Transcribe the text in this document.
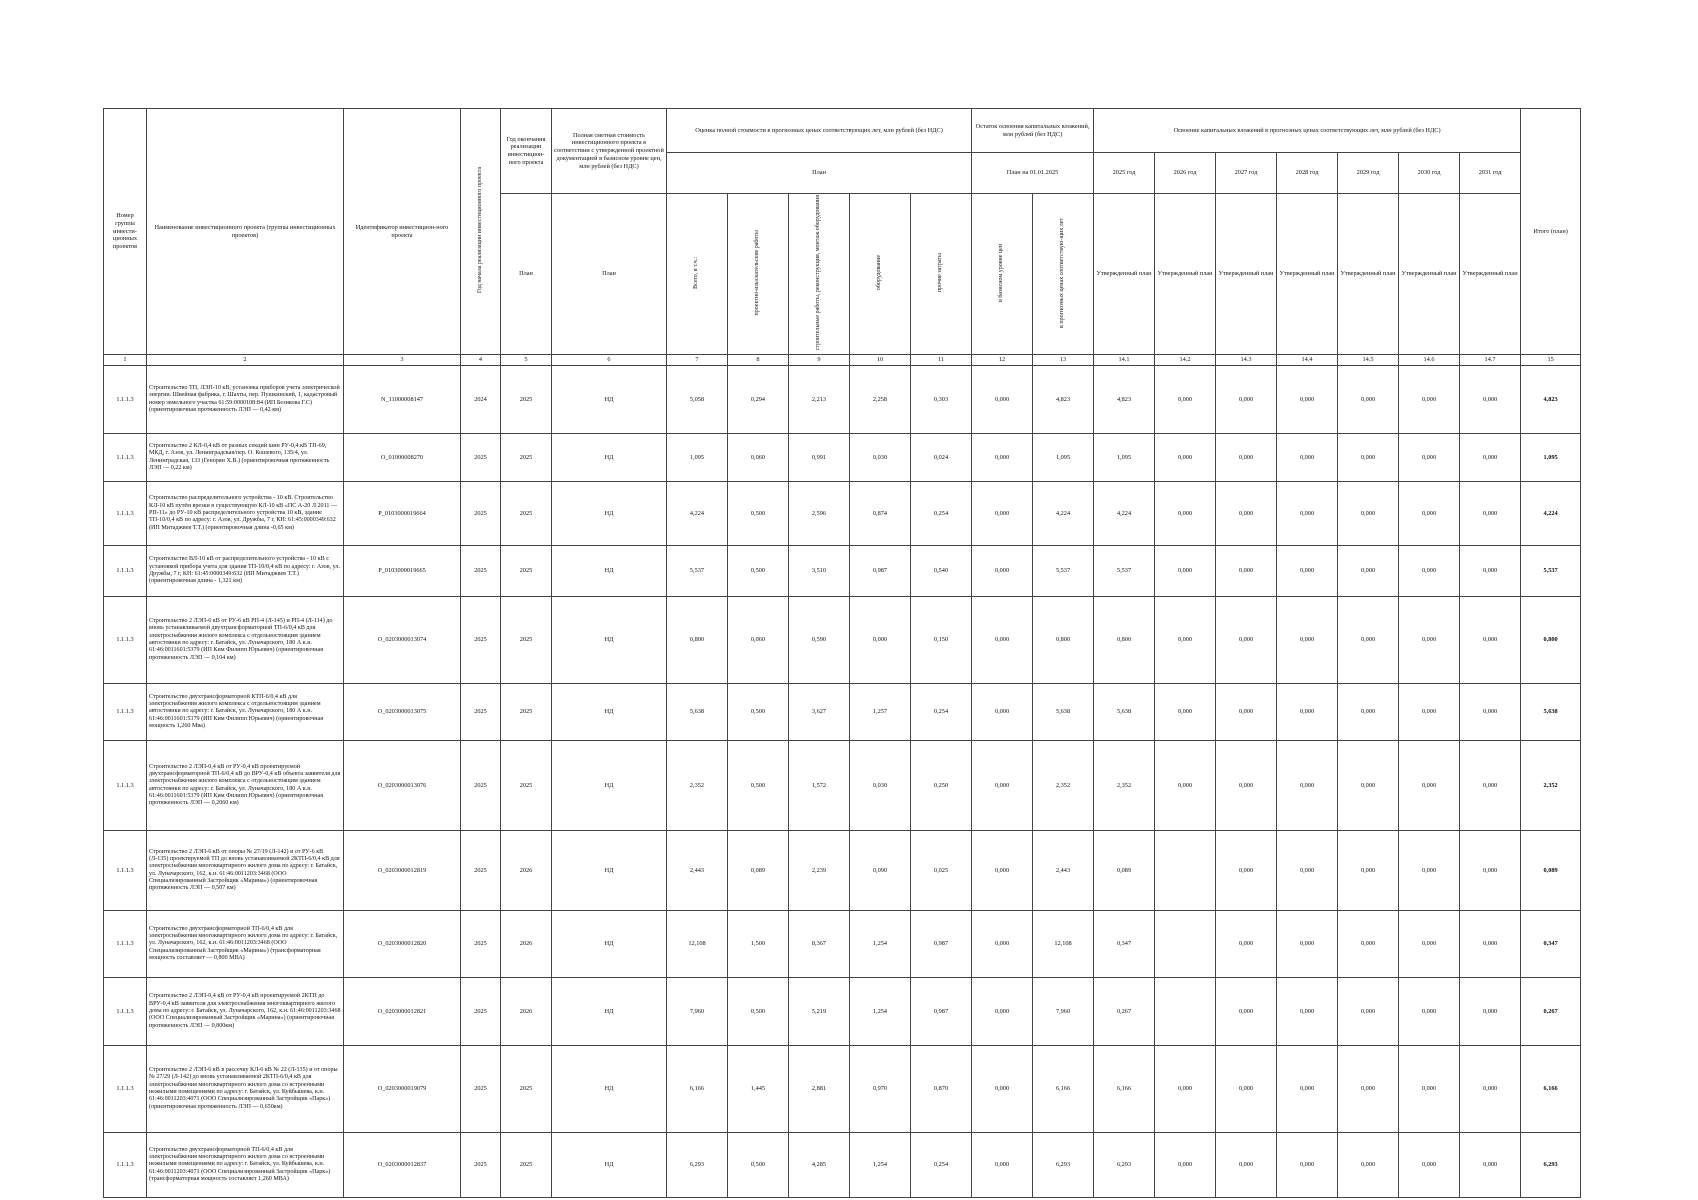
Номер группы инвести-ционных проектов	Наименование инвестиционного проекта (группы инвестиционных проектов)	Идентификатор инвестицион-ного проекта	Год начала реализации инвестиционного проекта	Год окончания реализации инвестицион-ного проекта	Полная сметная стоимость инвестиционного проекта в соответствии с утвержденной проектной документацией в базисном уровне цен, млн рублей (без НДС)	Оценка полной стоимости в прогнозных ценах соответствующих лет, млн рублей (без НДС)					Остаток освоения капитальных вложений, млн рублей (без НДС)		Освоение капитальных вложений в прогнозных ценах соответствующих лет, млн рублей (без НДС)							Итого (план)
						План					План на 01.01.2025		2025 год	2026 год	2027 год	2028 год	2029 год	2030 год	2031 год	
				План	План	Всего, в т.ч.:	проектно-изыскательские работы	строительные работы, реконструкция, монтаж оборудования	оборудование	прочие затраты	в базисном уровне цен	в прогнозных ценах соответствую-щих лет	Утвержденный план	Утвержденный план	Утвержденный план	Утвержденный план	Утвержденный план	Утвержденный план	Утвержденный план	
1	2	3	4	5	6	7	8	9	10	11	12	13	14.1	14.2	14.3	14.4	14.5	14.6	14.7	15
1.1.1.3	Строительство ТП, ЛЭП-10 кВ, установка приборов учета электрической энергии. Швейная фабрика, г. Шахты, пер. Пушкинский, 1, кадастровый номер земельного участка 61:59:0000108:84 (ИП Безикова Г.С)(ориентировочная протяженность ЛЭП — 0,42 км)	N_11000008147	2024	2025	НД	5,058	0,294	2,213	2,258	0,303	0,000	4,823	4,823	0,000	0,000	0,000	0,000	0,000	0,000	4,823
1.1.1.3	Строительство 2 КЛ-0,4 кВ от разных секций шин РУ-0,4 кВ ТП-69, МКД, г. Азов, ул. Ленинградская/пер. О. Кошевого, 135/4, ул. Ленинградская, 133 (Генорян Х.В.) (ориентировочная протяженность ЛЭП — 0,22 км)	O_01000008270	2025	2025	НД	1,095	0,060	0,991	0,030	0,024	0,000	1,095	1,095	0,000	0,000	0,000	0,000	0,000	0,000	1,095
1.1.1.3	Строительство распределительного устройства - 10 кВ. Строительство КЛ-10 кВ путём врезки в существующую КЛ-10 кВ «ПС А-20 Л 2011 — РП-11» до РУ-10 кВ распределительного устройства 10 кВ, здание ТП-10/0,4 кВ по адресу: г. Азов, ул. Дружбы, 7 г, КН: 61:45:0000349:632 (ИП Митаджвев Т.Т.) (ориентировочная длина -0,65 км)	P_0103000019664	2025	2025	НД	4,224	0,500	2,596	0,874	0,254	0,000	4,224	4,224	0,000	0,000	0,000	0,000	0,000	0,000	4,224
1.1.1.3	Строительство ВЛ-10 кВ от распределительного устройства - 10 кВ с установкой прибора учета для здания ТП-10/0,4 кВ по адресу: г. Азов, ул. Дружбы, 7 г, КН: 61:45:0000349:632 (ИП Митаджвев Т.Т.) (ориентировочная длина - 1,321 км)	P_0103000019665	2025	2025	НД	5,537	0,500	3,510	0,987	0,540	0,000	5,537	5,537	0,000	0,000	0,000	0,000	0,000	0,000	5,537
1.1.1.3	Строительство 2 ЛЭП-6 кВ от РУ-6 кВ РП-4 (Л-145) и РП-4 (Л-114) до вновь устанавливаемой двухтрансформаторной ТП-6/0,4 кВ для электроснабжения жилого комплекса с отдельностоящим зданием автостоянки по адресу: г. Батайск, ул. Луначарского, 180 А к.н. 61:46:0011601:5379 (ИП Ким Филипп Юрьевич) (ориентировочная протяженность ЛЭП — 0,104 км)	O_0203000013074	2025	2025	НД	0,800	0,060	0,590	0,000	0,150	0,000	0,800	0,800	0,000	0,000	0,000	0,000	0,000	0,000	0,800
1.1.1.3	Строительство двухтрансформаторной КТП-6/0,4 кВ для электроснабжения жилого комплекса с отдельностоящим зданием автостоянки по адресу: г. Батайск, ул. Луначарского, 180 А к.н. 61:46:0011601:5379 (ИП Ким Филипп Юрьевич) (ориентировочная мощность 1,260 Мва)	O_0203000013075	2025	2025	НД	5,638	0,500	3,627	1,257	0,254	0,000	5,638	5,638	0,000	0,000	0,000	0,000	0,000	0,000	5,638
1.1.1.3	Строительство 2 ЛЭП-0,4 кВ от РУ-0,4 кВ проектируемой двухтрансформаторной ТП-6/0,4 кВ до ВРУ-0,4 кВ объекта заявителя для электроснабжения жилого комплекса с отдельностоящим зданием автостоянки по адресу: г. Батайск, ул. Луначарского, 180 А к.н. 61:46:0011601:5379 (ИП Ким Филипп Юрьевич) (ориентировочная протяженность ЛЭП — 0,2060 км)	O_0203000013076	2025	2025	НД	2,352	0,500	1,572	0,030	0,250	0,000	2,352	2,352	0,000	0,000	0,000	0,000	0,000	0,000	2,352
1.1.1.3	Строительство 2 ЛЭП-6 кВ от опоры № 27/19 (Л-142) и от РУ-6 кВ (Л-135) проектируемой ТП до вновь устанавливаемой 2КТП-6/0,4 кВ для электроснабжения многоквартирного жилого дома по адресу: г. Батайск, ул. Луначарского, 162, к.н. 61:46:0011203:3468 (ООО Специализированный Застройщик «Марина») (ориентировочная протяженность ЛЭП — 0,507 км)	O_0203000012819	2025	2026	НД	2,443	0,089	2,239	0,090	0,025	0,000	2,443	0,089		0,000	0,000	0,000	0,000	0,000	0,089
1.1.1.3	Строительство двухтрансформаторной ТП-6/0,4 кВ для электроснабжения многоквартирного жилого дома по адресу: г. Батайск, ул. Луначарского, 162, к.н. 61:46:0011203:3468 (ООО Специализированный Застройщик «Марина») (трансформаторная мощность составляет — 0,800 МВА)	O_0203000012820	2025	2026	НД	12,108	1,500	8,367	1,254	0,987	0,000	12,108	0,347		0,000	0,000	0,000	0,000	0,000	0,347
1.1.1.3	Строительство 2 ЛЭП-0,4 кВ от РУ-0,4 кВ проектируемой 2КТП до ВРУ-0,4 кВ заявителя для электроснабжения многоквартирного жилого дома по адресу: г. Батайск, ул. Луначарского, 162, к.н. 61:46:0011203:3468 (ООО Специализированный Застройщик «Марина») (ориентировочная протяженность ЛЭП — 0,800км)	O_0203000012821	2025	2026	НД	7,960	0,500	5,219	1,254	0,987	0,000	7,960	0,267		0,000	0,000	0,000	0,000	0,000	0,267
1.1.1.3	Строительство 2 ЛЭП-6 кВ в рассечку КЛ-6 кВ № 22 (Л-135) и от опоры № 27/29 (Л-142) до вновь устанавливаемой 2КТП-6/0,4 кВ для электроснабжения многоквартирного жилого дома со встроенными нежилыми помещениями по адресу: г. Батайск, ул. Куйбышева, к.н. 61:46:0011203:4071 (ООО Специализированный Застройщик «Парк») (ориентировочная протяженность ЛЭП — 0,650км)	O_0203000019079	2025	2025	НД	6,166	1,445	2,881	0,970	0,870	0,000	6,166	6,166	0,000	0,000	0,000	0,000	0,000	0,000	6,166
1.1.1.3	Строительство двухтрансформаторной ТП-6/0,4 кВ для электроснабжения многоквартирного жилого дома со встроенными нежилыми помещениями по адресу: г. Батайск, ул. Куйбышева, к.н. 61:46:0011203:4071 (ООО Специализированный Застройщик «Парк») (трансформаторная мощность составляет 1,260 МВА)	O_0203000012837	2025	2025	НД	6,293	0,500	4,285	1,254	0,254	0,000	6,293	6,293	0,000	0,000	0,000	0,000	0,000	0,000	6,293
